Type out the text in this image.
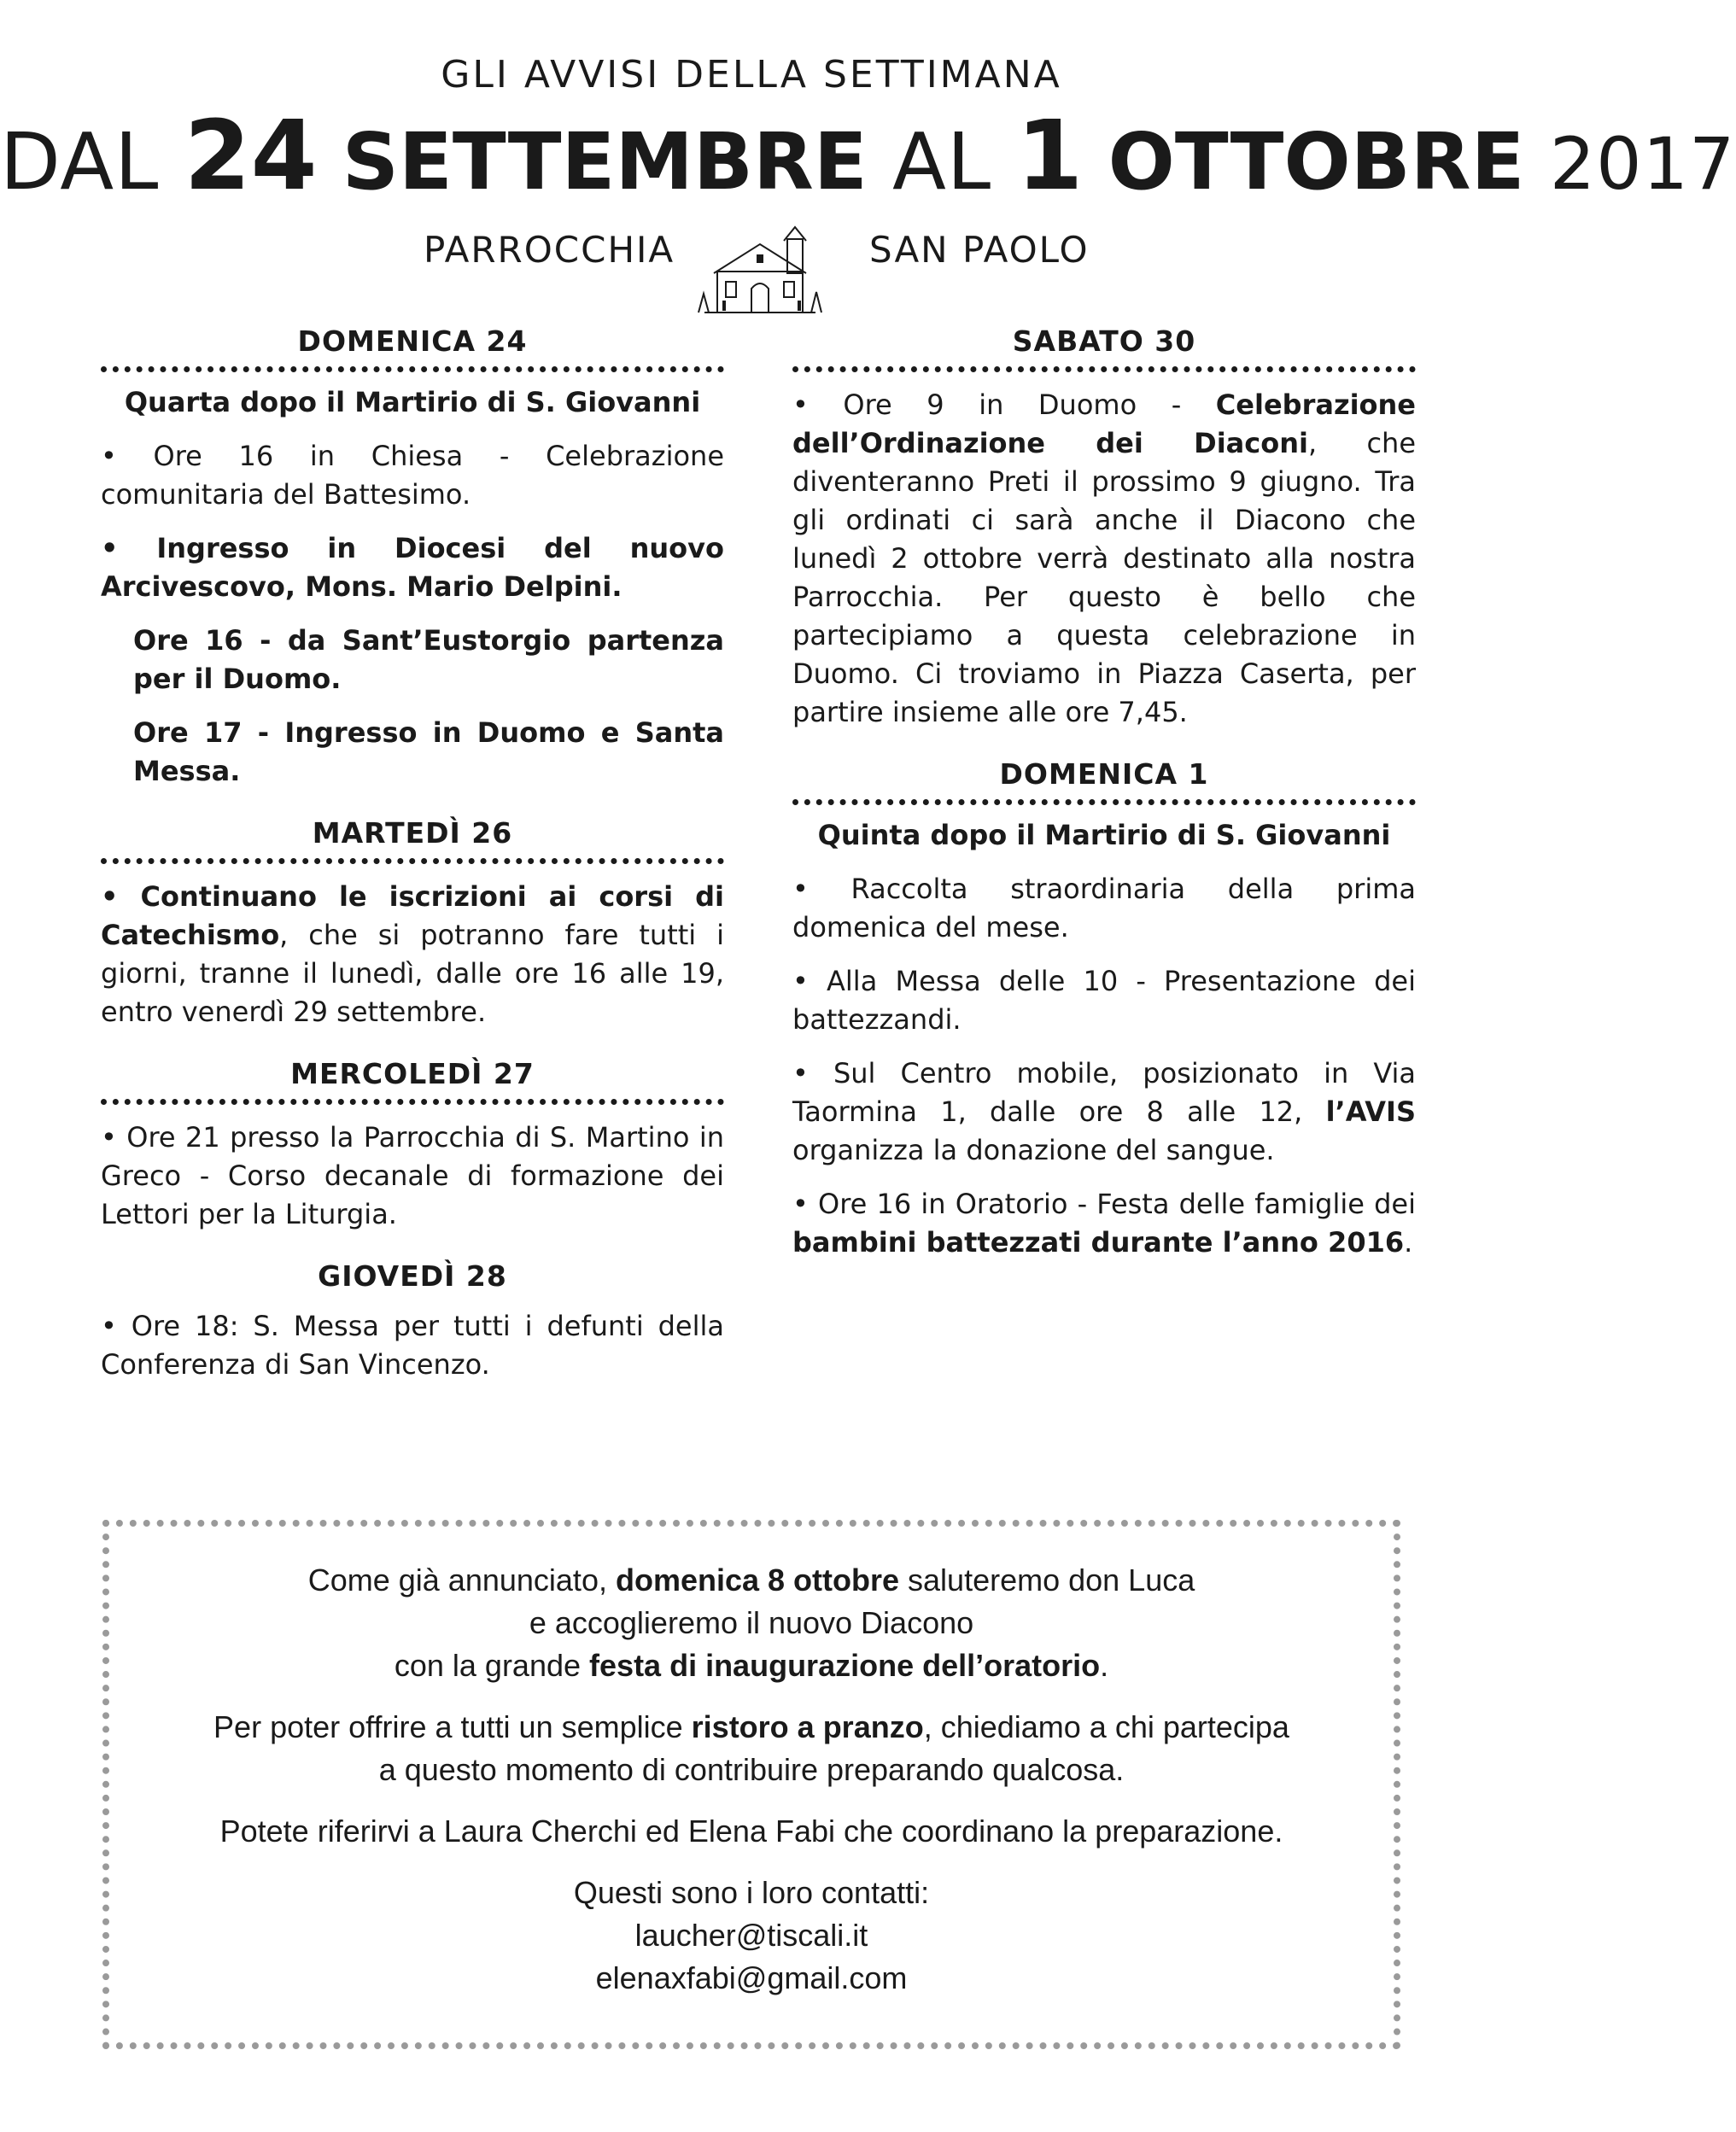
GLI AVVISI DELLA SETTIMANA
DAL 24 SETTEMBRE AL 1 OTTOBRE 2017
PARROCCHIA	SAN PAOLO
DOMENICA 24
Quarta dopo il Martirio di S. Giovanni
• Ore 16 in Chiesa - Celebrazione comunitaria del Battesimo.
• Ingresso in Diocesi del nuovo Arcivescovo, Mons. Mario Delpini.
Ore 16 - da Sant’Eustorgio partenza per il Duomo.
Ore 17 - Ingresso in Duomo e Santa Messa.
MARTEDÌ 26
• Continuano le iscrizioni ai corsi di Catechismo, che si potranno fare tutti i giorni, tranne il lunedì, dalle ore 16 alle 19, entro venerdì 29 settembre.
MERCOLEDÌ 27
• Ore 21 presso la Parrocchia di S. Martino in Greco - Corso decanale di formazione dei Lettori per la Liturgia.
GIOVEDÌ 28
• Ore 18: S. Messa per tutti i defunti della Conferenza di San Vincenzo.
SABATO 30
• Ore 9 in Duomo - Celebrazione dell’Ordinazione dei Diaconi, che diventeranno Preti il prossimo 9 giugno. Tra gli ordinati ci sarà anche il Diacono che lunedì 2 ottobre verrà destinato alla nostra Parrocchia. Per questo è bello che partecipiamo a questa celebrazione in Duomo. Ci troviamo in Piazza Caserta, per partire insieme alle ore 7,45.
DOMENICA 1
Quinta dopo il Martirio di S. Giovanni
• Raccolta straordinaria della prima domenica del mese.
• Alla Messa delle 10 - Presentazione dei battezzandi.
• Sul Centro mobile, posizionato in Via Taormina 1, dalle ore 8 alle 12, l’AVIS organizza la donazione del sangue.
• Ore 16 in Oratorio - Festa delle famiglie dei bambini battezzati durante l’anno 2016.

Come già annunciato, domenica 8 ottobre saluteremo don Luca

e accoglieremo il nuovo Diacono

con la grande festa di inaugurazione dell’oratorio.

Per poter offrire a tutti un semplice ristoro a pranzo, chiediamo a chi partecipa

a questo momento di contribuire preparando qualcosa.

Potete riferirvi a Laura Cherchi ed Elena Fabi che coordinano la preparazione.

Questi sono i loro contatti:

laucher@tiscali.it

elenaxfabi@gmail.com
